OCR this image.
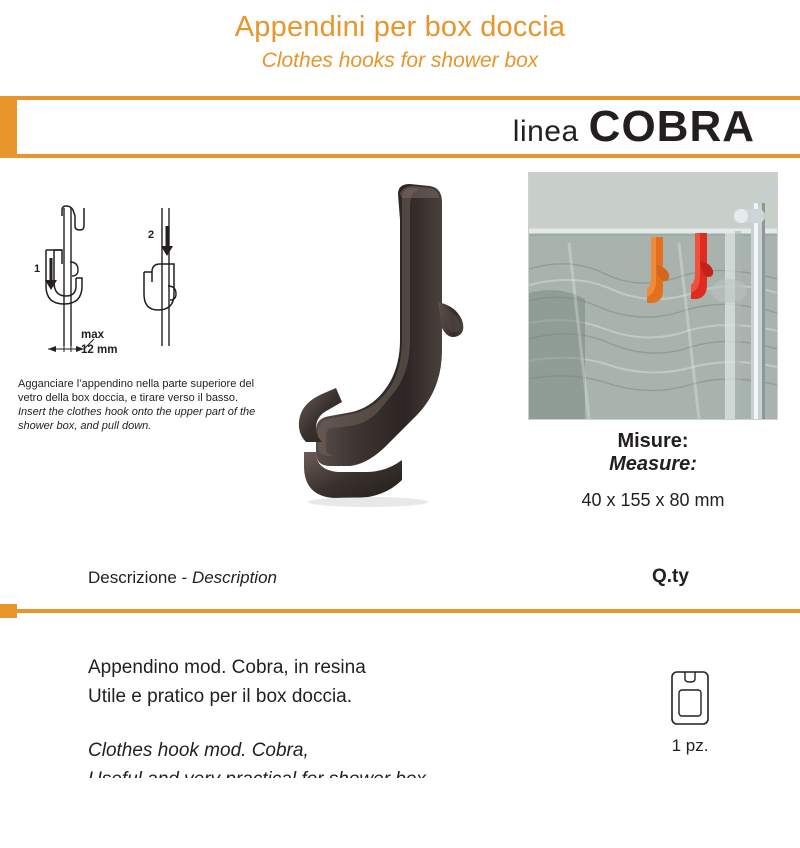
Appendini per box doccia
Clothes hooks for shower box
linea COBRA
1
2
max
12 mm
Agganciare l’appendino nella parte superiore del vetro della box doccia, e tirare verso il basso.
Insert the clothes hook onto the upper part of the shower box, and pull down.
Misure:
Measure:
40 x 155 x 80 mm
Descrizione - Description	Q.ty
Appendino mod. Cobra, in resina
Utile e pratico per il box doccia.
Clothes hook mod. Cobra,	1 pz.
